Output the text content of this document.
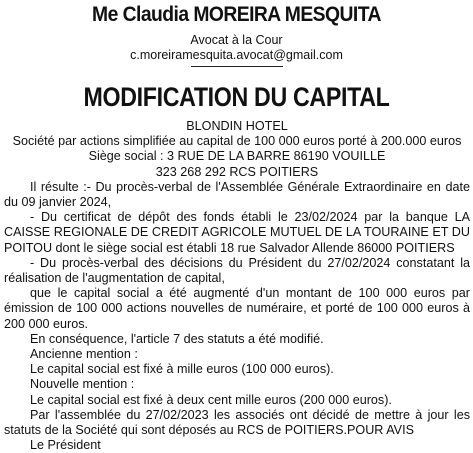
Me Claudia MOREIRA MESQUITA
Avocat à la Cour
c.moreiramesquita.avocat@gmail.com
MODIFICATION DU CAPITAL

BLONDIN HOTEL

Société par actions simplifiée au capital de 100 000 euros porté à 200.000 euros

Siège social : 3 RUE DE LA BARRE 86190 VOUILLE

323 268 292 RCS POITIERS

Il résulte :- Du procès-verbal de l'Assemblée Générale Extraordinaire en date du 09 janvier 2024,

- Du certificat de dépôt des fonds établi le 23/02/2024 par la banque LA CAISSE REGIONALE DE CREDIT AGRICOLE MUTUEL DE LA TOURAINE ET DU POITOU dont le siège social est établi 18 rue Salvador Allende 86000 POITIERS

- Du procès-verbal des décisions du Président du 27/02/2024 constatant la réalisation de l'augmentation de capital,

que le capital social a été augmenté d'un montant de 100 000 euros par émission de 100 000 actions nouvelles de numéraire, et porté de 100 000 euros à 200 000 euros.

En conséquence, l'article 7 des statuts a été modifié.

Ancienne mention :

Le capital social est fixé à mille euros (100 000 euros).

Nouvelle mention :

Le capital social est fixé à deux cent mille euros (200 000 euros).

Par l'assemblée du 27/02/2023 les associés ont décidé de mettre à jour les statuts de la Société qui sont déposés au RCS de POITIERS.POUR AVIS

Le Président
